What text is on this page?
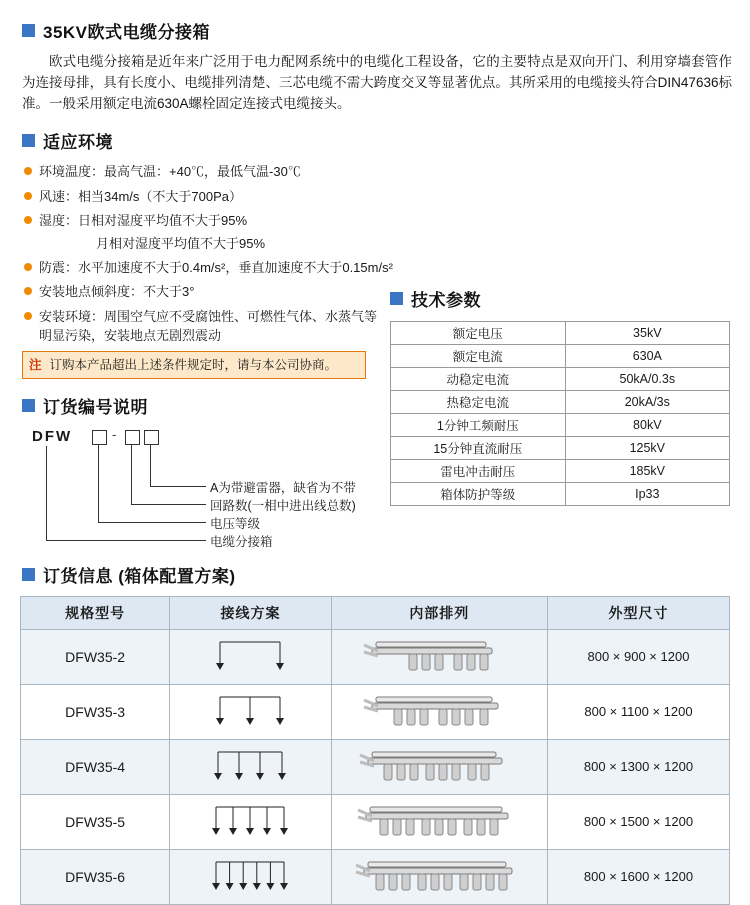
35KV欧式电缆分接箱
欧式电缆分接箱是近年来广泛用于电力配网系统中的电缆化工程设备，它的主要特点是双向开门、利用穿墙套管作为连接母排，具有长度小、电缆排列清楚、三芯电缆不需大跨度交叉等显著优点。其所采用的电缆接头符合DIN47636标准。一般采用额定电流630A螺栓固定连接式电缆接头。
适应环境
环境温度：最高气温：+40℃，最低气温-30℃
风速：相当34m/s（不大于700Pa）
湿度：日相对湿度平均值不大于95%
月相对湿度平均值不大于95%
防震：水平加速度不大于0.4m/s²，垂直加速度不大于0.15m/s²
安装地点倾斜度：不大于3°
安装环境：周围空气应不受腐蚀性、可燃性气体、水蒸气等明显污染，安装地点无剧烈震动
注 订购本产品超出上述条件规定时，请与本公司协商。
订货编号说明
DFW	-
A为带避雷器，缺省为不带
回路数(一相中进出线总数)
电压等级
电缆分接箱
技术参数
额定电压	35kV
额定电流	630A
动稳定电流	50kA/0.3s
热稳定电流	20kA/3s
1分钟工频耐压	80kV
15分钟直流耐压	125kV
雷电冲击耐压	185kV
箱体防护等级	Ip33
订货信息 (箱体配置方案)
规格型号	接线方案	内部排列	外型尺寸
DFW35-2			800 × 900 × 1200
DFW35-3			800 × 1100 × 1200
DFW35-4			800 × 1300 × 1200
DFW35-5			800 × 1500 × 1200
DFW35-6			800 × 1600 × 1200
